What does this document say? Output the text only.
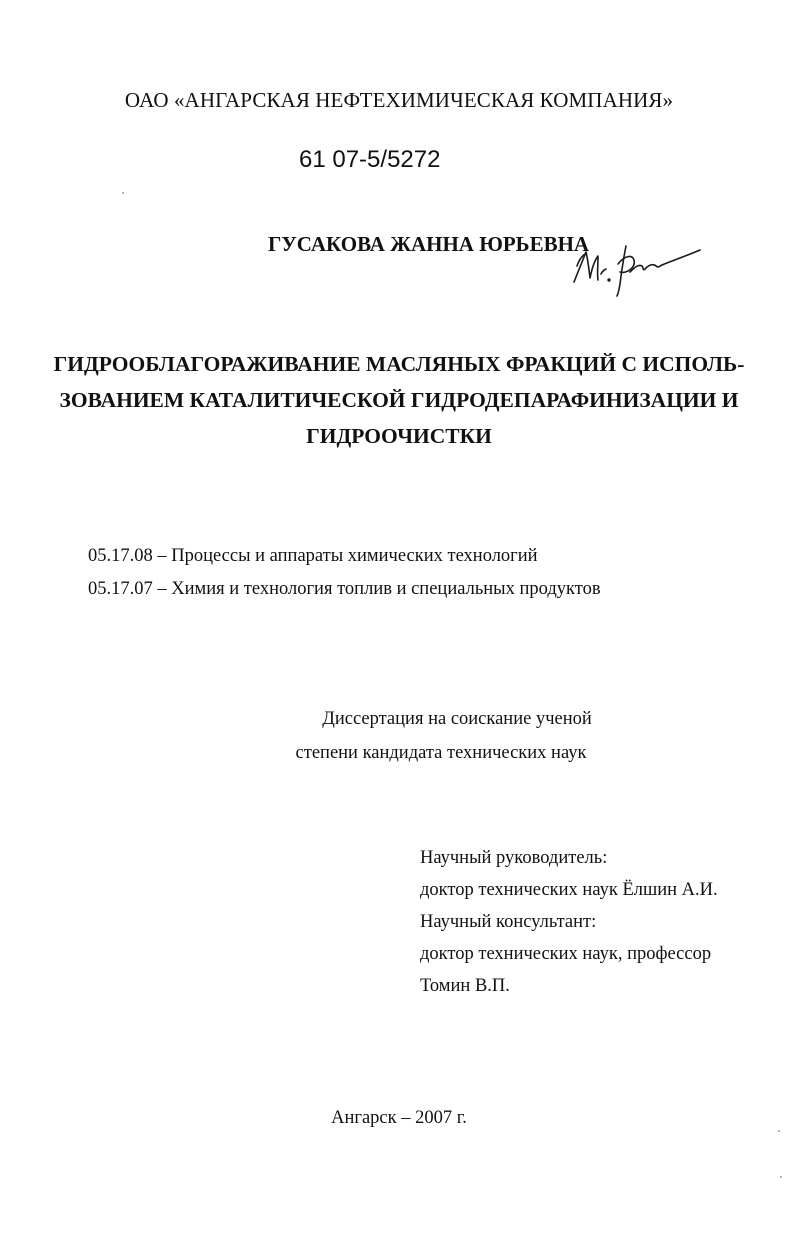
ОАО «АНГАРСКАЯ НЕФТЕХИМИЧЕСКАЯ КОМПАНИЯ»
61 07-5/5272
ГУСАКОВА ЖАННА ЮРЬЕВНА
ГИДРООБЛАГОРАЖИВАНИЕ МАСЛЯНЫХ ФРАКЦИЙ С ИСПОЛЬ-
ЗОВАНИЕМ КАТАЛИТИЧЕСКОЙ ГИДРОДЕПАРАФИНИЗАЦИИ И
ГИДРООЧИСТКИ
05.17.08 – Процессы и аппараты химических технологий
05.17.07 – Химия и технология топлив и специальных продуктов
Диссертация на соискание ученой
степени кандидата технических наук
Научный руководитель:
доктор технических наук Ёлшин А.И.
Научный консультант:
доктор технических наук, профессор
Томин В.П.
Ангарск – 2007 г.
